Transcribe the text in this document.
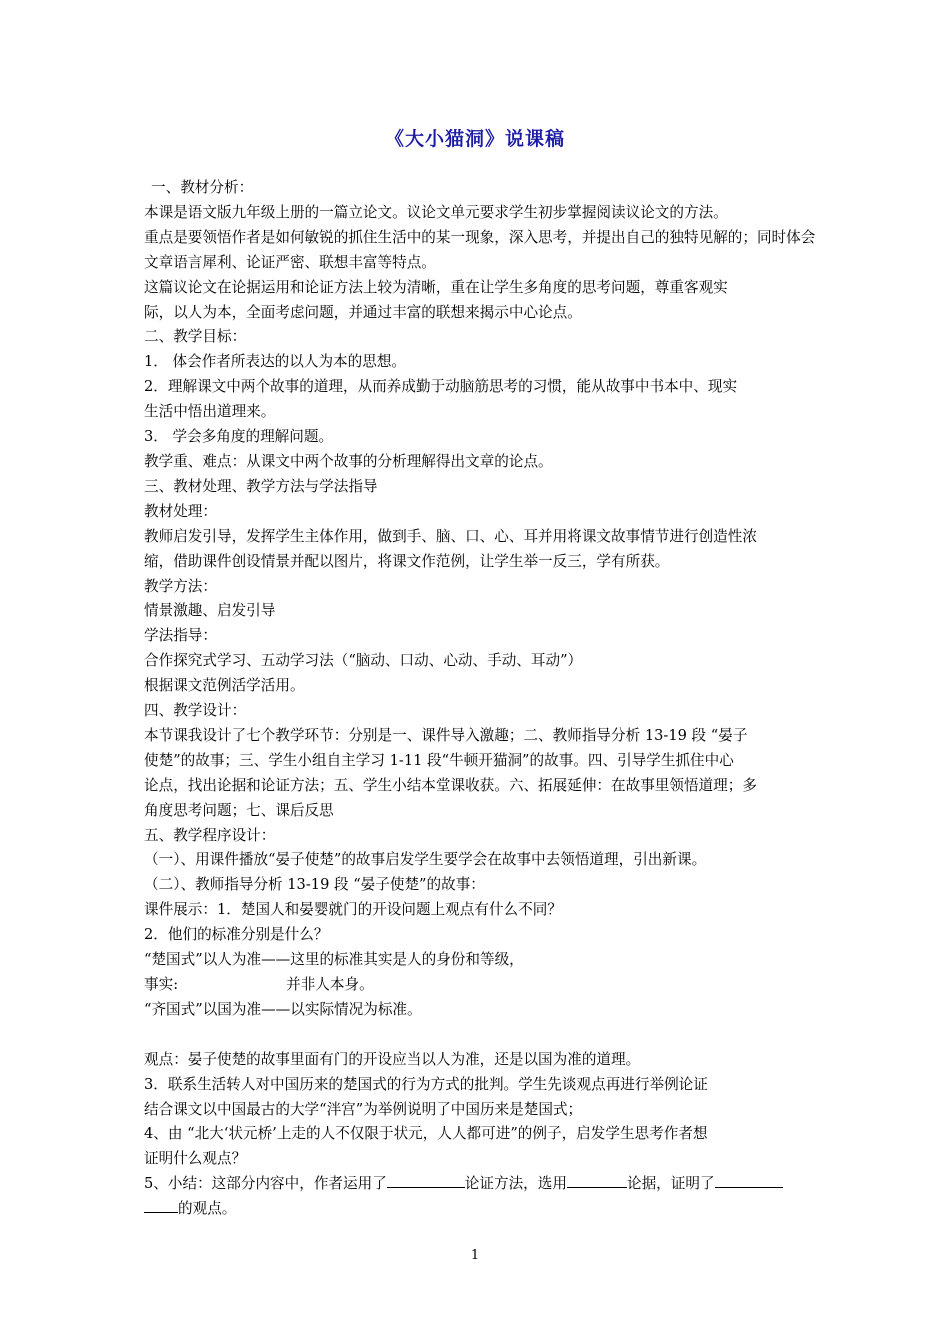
《大小猫洞》说课稿

一、教材分析：

本课是语文版九年级上册的一篇立论文。议论文单元要求学生初步掌握阅读议论文的方法。

重点是要领悟作者是如何敏锐的抓住生活中的某一现象，深入思考，并提出自己的独特见解的；同时体会文章语言犀利、论证严密、联想丰富等特点。

这篇议论文在论据运用和论证方法上较为清晰，重在让学生多角度的思考问题，尊重客观实

际，以人为本，全面考虑问题，并通过丰富的联想来揭示中心论点。

二、教学目标：

1． 体会作者所表达的以人为本的思想。

2．理解课文中两个故事的道理，从而养成勤于动脑筋思考的习惯，能从故事中书本中、现实

生活中悟出道理来。

3． 学会多角度的理解问题。

教学重、难点：从课文中两个故事的分析理解得出文章的论点。

三、教材处理、教学方法与学法指导

教材处理：

教师启发引导，发挥学生主体作用，做到手、脑、口、心、耳并用将课文故事情节进行创造性浓

缩，借助课件创设情景并配以图片，将课文作范例，让学生举一反三，学有所获。

教学方法：

情景激趣、启发引导

学法指导：

合作探究式学习、五动学习法（“脑动、口动、心动、手动、耳动”）

根据课文范例活学活用。

四、教学设计：

本节课我设计了七个教学环节：分别是一、课件导入激趣；二、教师指导分析 13-19 段 “晏子

使楚”的故事；三、学生小组自主学习 1-11 段“牛顿开猫洞”的故事。四、引导学生抓住中心

论点，找出论据和论证方法；五、学生小结本堂课收获。六、拓展延伸：在故事里领悟道理；多

角度思考问题；七、课后反思

五、教学程序设计：

（一）、用课件播放“晏子使楚”的故事启发学生要学会在故事中去领悟道理，引出新课。

（二）、教师指导分析 13-19 段 “晏子使楚”的故事：

课件展示：1．楚国人和晏婴就门的开设问题上观点有什么不同？

2．他们的标准分别是什么？

“楚国式”以人为准——这里的标准其实是人的身份和等级，

事实:	并非人本身。

“齐国式”以国为准——以实际情况为标准。

观点：晏子使楚的故事里面有门的开设应当以人为准，还是以国为准的道理。

3．联系生活转人对中国历来的楚国式的行为方式的批判。学生先谈观点再进行举例论证

结合课文以中国最古的大学“泮宫”为举例说明了中国历来是楚国式；

4、由 “北大‘状元桥’上走的人不仅限于状元，人人都可进”的例子，启发学生思考作者想

证明什么观点？

5、小结：这部分内容中，作者运用了	论证方法，选用	论据，证明了

的观点。

1
